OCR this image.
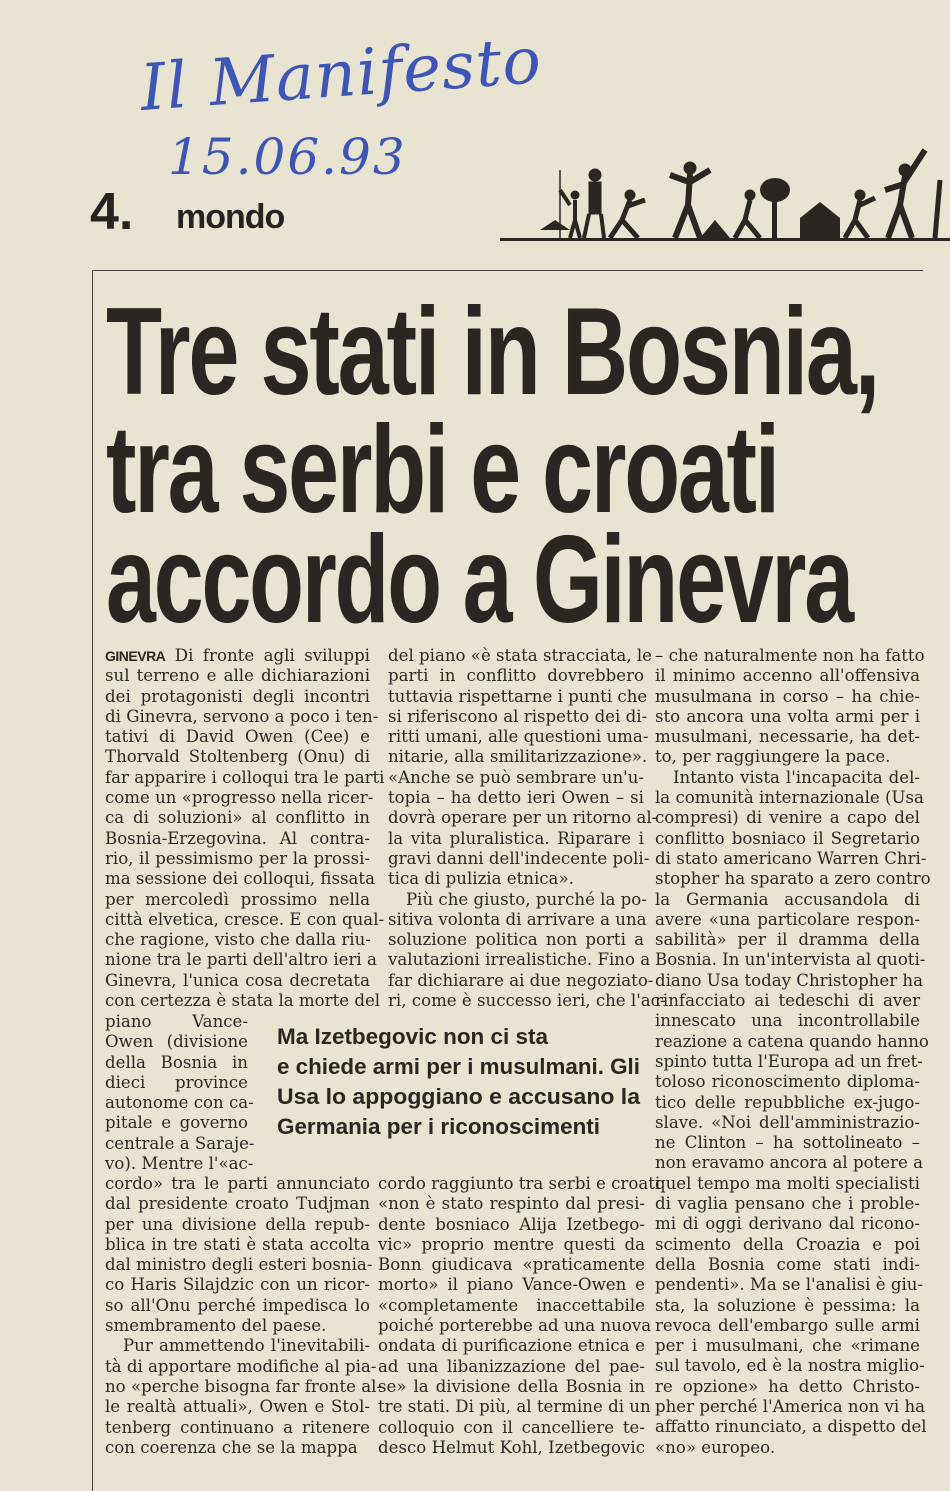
Il Manifesto
15.06.93
4. mondo
Tre stati in Bosnia,
tra serbi e croati
accordo a Ginevra
Ma Izetbegovic non ci sta
e chiede armi per i musulmani. Gli
Usa lo appoggiano e accusano la
Germania per i riconoscimenti
GINEVRA Di fronte agli sviluppi
sul terreno e alle dichiarazioni
dei protagonisti degli incontri
di Ginevra, servono a poco i ten-
tativi di David Owen (Cee) e
Thorvald Stoltenberg (Onu) di
far apparire i colloqui tra le parti
come un «progresso nella ricer-
ca di soluzioni» al conflitto in
Bosnia-Erzegovina. Al contra-
rio, il pessimismo per la prossi-
ma sessione dei colloqui, fissata
per mercoledì prossimo nella
città elvetica, cresce. E con qual-
che ragione, visto che dalla riu-
nione tra le parti dell'altro ieri a
Ginevra, l'unica cosa decretata
con certezza è stata la morte del
piano Vance-
Owen (divisione
della Bosnia in
dieci province
autonome con ca-
pitale e governo
centrale a Saraje-
vo). Mentre l'«ac-
cordo» tra le parti annunciato
dal presidente croato Tudjman
per una divisione della repub-
blica in tre stati è stata accolta
dal ministro degli esteri bosnia-
co Haris Silajdzic con un ricor-
so all'Onu perché impedisca lo
smembramento del paese.
Pur ammettendo l'inevitabili-
tà di apportare modifiche al pia-
no «perche bisogna far fronte al-
le realtà attuali», Owen e Stol-
tenberg continuano a ritenere
con coerenza che se la mappa
del piano «è stata stracciata, le
parti in conflitto dovrebbero
tuttavia rispettarne i punti che
si riferiscono al rispetto dei di-
ritti umani, alle questioni uma-
nitarie, alla smilitarizzazione».
«Anche se può sembrare un'u-
topia – ha detto ieri Owen – si
dovrà operare per un ritorno al-
la vita pluralistica. Riparare i
gravi danni dell'indecente poli-
tica di pulizia etnica».
Più che giusto, purché la po-
sitiva volonta di arrivare a una
soluzione politica non porti a
valutazioni irrealistiche. Fino a
far dichiarare ai due negoziato-
ri, come è successo ieri, che l'ac-
cordo raggiunto tra serbi e croati
«non è stato respinto dal presi-
dente bosniaco Alija Izetbego-
vic» proprio mentre questi da
Bonn giudicava «praticamente
morto» il piano Vance-Owen e
«completamente inaccettabile
poiché porterebbe ad una nuova
ondata di purificazione etnica e
ad una libanizzazione del pae-
se» la divisione della Bosnia in
tre stati. Di più, al termine di un
colloquio con il cancelliere te-
desco Helmut Kohl, Izetbegovic
– che naturalmente non ha fatto
il minimo accenno all'offensiva
musulmana in corso – ha chie-
sto ancora una volta armi per i
musulmani, necessarie, ha det-
to, per raggiungere la pace.
Intanto vista l'incapacita del-
la comunità internazionale (Usa
compresi) di venire a capo del
conflitto bosniaco il Segretario
di stato americano Warren Chri-
stopher ha sparato a zero contro
la Germania accusandola di
avere «una particolare respon-
sabilità» per il dramma della
Bosnia. In un'intervista al quoti-
diano Usa today Christopher ha
rinfacciato ai tedeschi di aver
innescato una incontrollabile
reazione a catena quando hanno
spinto tutta l'Europa ad un fret-
toloso riconoscimento diploma-
tico delle repubbliche ex-jugo-
slave. «Noi dell'amministrazio-
ne Clinton – ha sottolineato –
non eravamo ancora al potere a
quel tempo ma molti specialisti
di vaglia pensano che i proble-
mi di oggi derivano dal ricono-
scimento della Croazia e poi
della Bosnia come stati indi-
pendenti». Ma se l'analisi è giu-
sta, la soluzione è pessima: la
revoca dell'embargo sulle armi
per i musulmani, che «rimane
sul tavolo, ed è la nostra miglio-
re opzione» ha detto Christo-
pher perché l'America non vi ha
affatto rinunciato, a dispetto del
«no» europeo.
